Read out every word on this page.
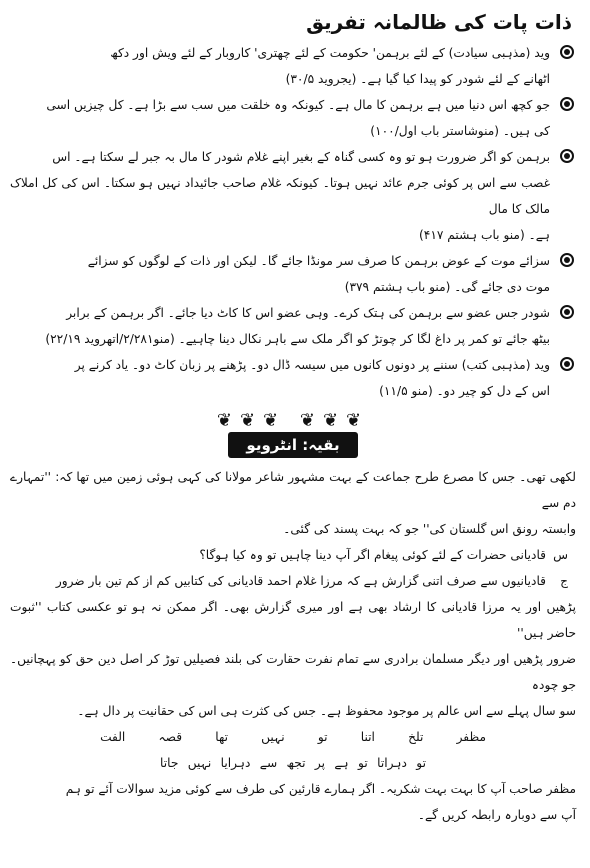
ذات پات کی ظالمانہ تفریق

وید (مذہبی سیادت) کے لئے برہمن' حکومت کے لئے چھتری' کاروبار کے لئے ویش اور دکھ

اٹھانے کے لئے شودر کو پیدا کیا گیا ہے۔ (یجروید ۳۰/۵)

جو کچھ اس دنیا میں ہے برہمن کا مال ہے۔ کیونکہ وہ خلقت میں سب سے بڑا ہے۔ کل چیزیں اسی

کی ہیں۔ (منوشاستر باب اول/۱۰۰)

برہمن کو اگر ضرورت ہو تو وہ کسی گناہ کے بغیر اپنے غلام شودر کا مال بہ جبر لے سکتا ہے۔ اس

غصب سے اس پر کوئی جرم عائد نہیں ہوتا۔ کیونکہ غلام صاحب جائیداد نہیں ہو سکتا۔ اس کی کل املاک مالک کا مال

ہے۔ (منو باب ہشتم ۴۱۷)

سزائے موت کے عوض برہمن کا صرف سر مونڈا جائے گا۔ لیکن اور ذات کے لوگوں کو سزائے

موت دی جائے گی۔ (منو باب ہشتم ۳۷۹)

شودر جس عضو سے برہمن کی ہتک کرے۔ وہی عضو اس کا کاٹ دیا جائے۔ اگر برہمن کے برابر

بیٹھ جائے تو کمر پر داغ لگا کر چوتڑ کو اگر ملک سے باہر نکال دینا چاہیے۔ (منو۲/۲۸۱/اتھروید ۲۲/۱۹)

وید (مذہبی کتب) سننے پر دونوں کانوں میں سیسہ ڈال دو۔ پڑھنے پر زبان کاٹ دو۔ یاد کرنے پر

اس کے دل کو چیر دو۔ (منو ۱۱/۵)

❦❦❦ ❦❦❦
بقیہ: انٹرویو

لکھی تھی۔ جس کا مصرع طرح جماعت کے بہت مشہور شاعر مولانا کی کہی ہوئی زمین میں تھا کہ: ''تمہارے دم سے

وابستہ رونق اس گلستان کی'' جو کہ بہت پسند کی گئی۔

س

قادیانی حضرات کے لئے کوئی پیغام اگر آپ دینا چاہیں تو وہ کیا ہوگا؟

ج

قادیانیوں سے صرف اتنی گزارش ہے کہ مرزا غلام احمد قادیانی کی کتابیں کم از کم تین بار ضرور

پڑھیں اور یہ مرزا قادیانی کا ارشاد بھی ہے اور میری گزارش بھی۔ اگر ممکن نہ ہو تو عکسی کتاب ''ثبوت حاضر ہیں''

ضرور پڑھیں اور دیگر مسلمان برادری سے تمام نفرت حقارت کی بلند فصیلیں توڑ کر اصل دین حق کو پہچانیں۔ جو چودہ

سو سال پہلے سے اس عالم پر موجود محفوظ ہے۔ جس کی کثرت ہی اس کی حقانیت پر دال ہے۔

مظفر
تلخ
اتنا
تو
نہیں
تھا
قصہ
الفت
تو
دہراتا
تو
ہے
پر
تجھ
سے
دہرایا
نہیں
جاتا

مظفر صاحب آپ کا بہت بہت شکریہ۔ اگر ہمارے قارئین کی طرف سے کوئی مزید سوالات آئے تو ہم

آپ سے دوبارہ رابطہ کریں گے۔
